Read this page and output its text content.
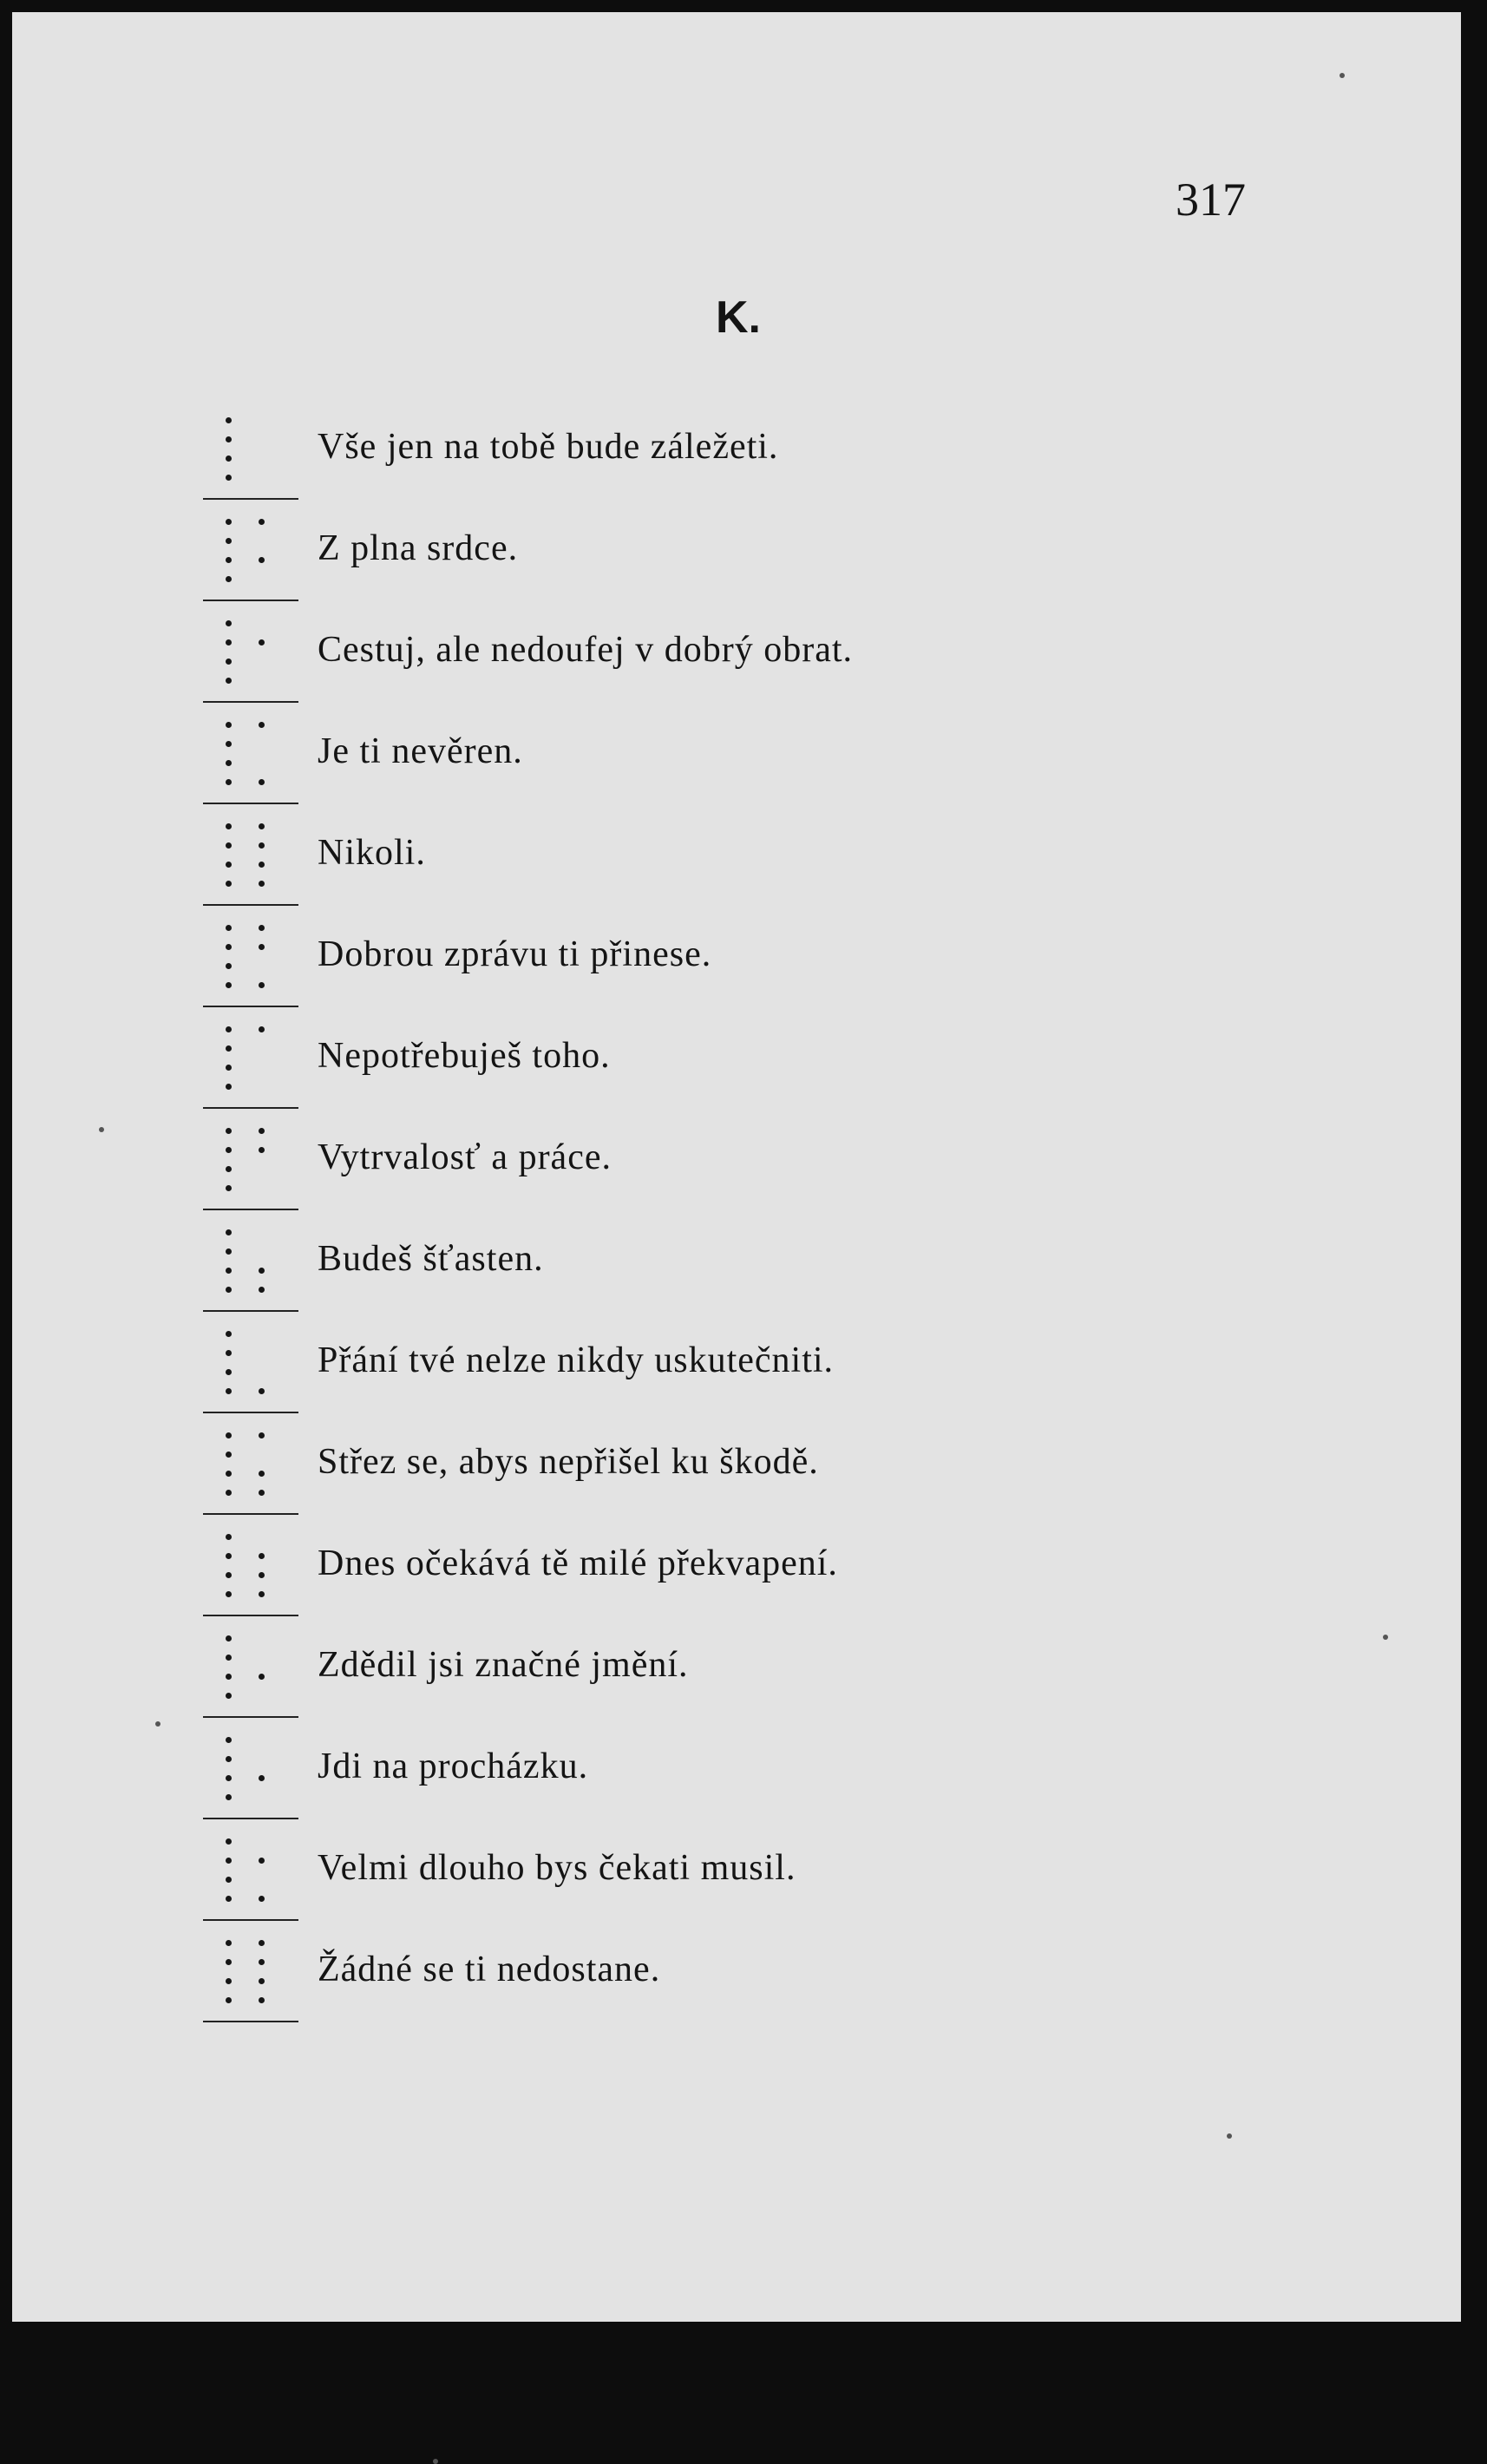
317
K.
Vše jen na tobě bude záležeti.
Z plna srdce.
Cestuj, ale nedoufej v dobrý obrat.
Je ti nevěren.
Nikoli.
Dobrou zprávu ti přinese.
Nepotřebuješ toho.
Vytrvalosť a práce.
Budeš šťasten.
Přání tvé nelze nikdy uskutečniti.
Střez se, abys nepřišel ku škodě.
Dnes očekává tě milé překvapení.
Zdědil jsi značné jmění.
Jdi na procházku.
Velmi dlouho bys čekati musil.
Žádné se ti nedostane.
